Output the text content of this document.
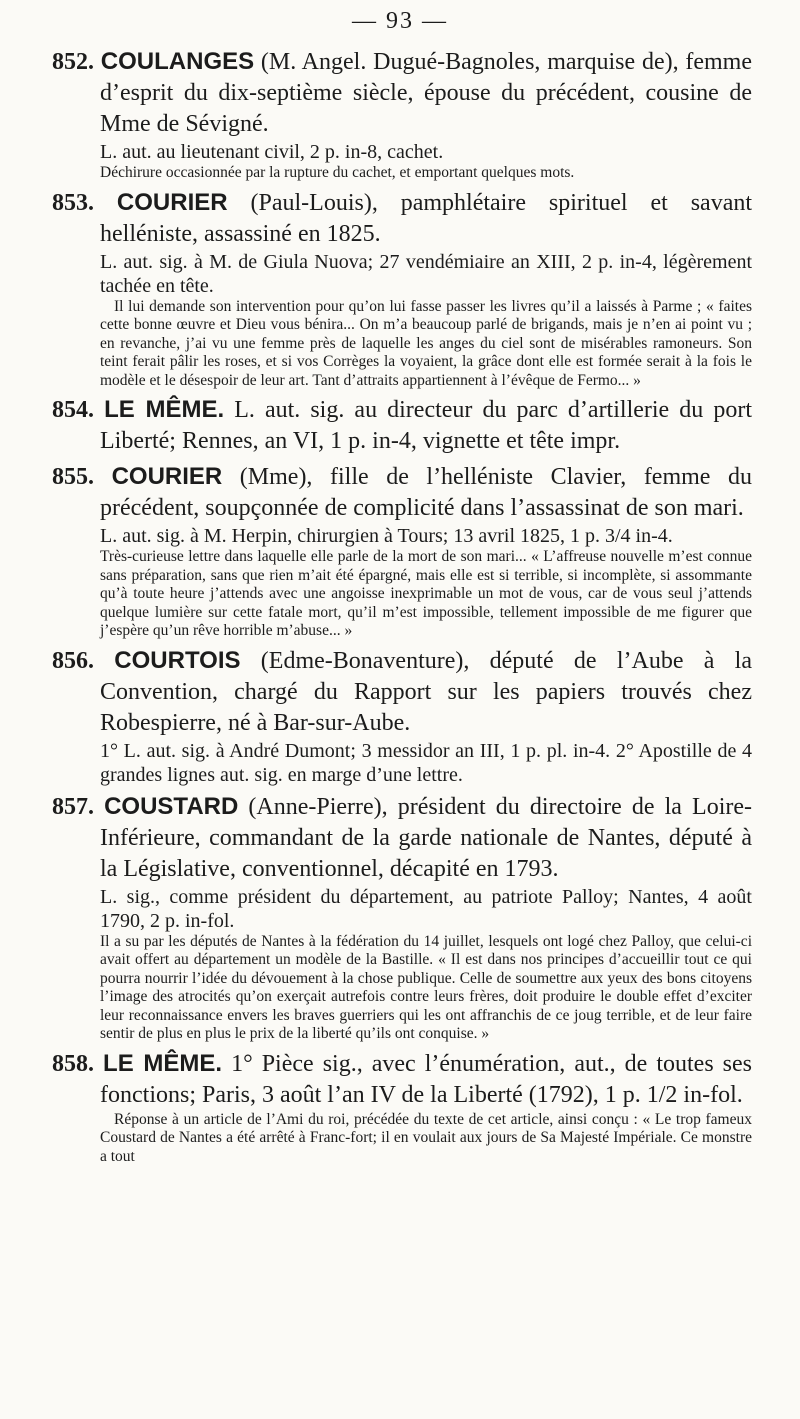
— 93 —
852. COULANGES (M. Angel. Dugué-Bagnoles, marquise de), femme d’esprit du dix-septième siècle, épouse du précédent, cousine de Mme de Sévigné.
L. aut. au lieutenant civil, 2 p. in-8, cachet.
Déchirure occasionnée par la rupture du cachet, et emportant quelques mots.
853. COURIER (Paul-Louis), pamphlétaire spirituel et savant helléniste, assassiné en 1825.
L. aut. sig. à M. de Giula Nuova; 27 vendémiaire an XIII, 2 p. in-4, légèrement tachée en tête.
Il lui demande son intervention pour qu’on lui fasse passer les livres qu’il a laissés à Parme ; « faites cette bonne œuvre et Dieu vous bénira... On m’a beaucoup parlé de brigands, mais je n’en ai point vu ; en revanche, j’ai vu une femme près de laquelle les anges du ciel sont de misérables ramoneurs. Son teint ferait pâlir les roses, et si vos Corrèges la voyaient, la grâce dont elle est formée serait à la fois le modèle et le désespoir de leur art. Tant d’attraits appartiennent à l’évêque de Fermo... »
854. LE MÊME. L. aut. sig. au directeur du parc d’artillerie du port Liberté; Rennes, an VI, 1 p. in-4, vignette et tête impr.
855. COURIER (Mme), fille de l’helléniste Clavier, femme du précédent, soupçonnée de complicité dans l’assassinat de son mari.
L. aut. sig. à M. Herpin, chirurgien à Tours; 13 avril 1825, 1 p. 3/4 in-4.
Très-curieuse lettre dans laquelle elle parle de la mort de son mari... « L’affreuse nouvelle m’est connue sans préparation, sans que rien m’ait été épargné, mais elle est si terrible, si incomplète, si assommante qu’à toute heure j’attends avec une angoisse inexprimable un mot de vous, car de vous seul j’attends quelque lumière sur cette fatale mort, qu’il m’est impossible, tellement impossible de me figurer que j’espère qu’un rêve horrible m’abuse... »
856. COURTOIS (Edme-Bonaventure), député de l’Aube à la Convention, chargé du Rapport sur les papiers trouvés chez Robespierre, né à Bar-sur-Aube.
1° L. aut. sig. à André Dumont; 3 messidor an III, 1 p. pl. in-4. 2° Apostille de 4 grandes lignes aut. sig. en marge d’une lettre.
857. COUSTARD (Anne-Pierre), président du directoire de la Loire-Inférieure, commandant de la garde nationale de Nantes, député à la Législative, conventionnel, décapité en 1793.
L. sig., comme président du département, au patriote Palloy; Nantes, 4 août 1790, 2 p. in-fol.
Il a su par les députés de Nantes à la fédération du 14 juillet, lesquels ont logé chez Palloy, que celui-ci avait offert au département un modèle de la Bastille. « Il est dans nos principes d’accueillir tout ce qui pourra nourrir l’idée du dévouement à la chose publique. Celle de soumettre aux yeux des bons citoyens l’image des atrocités qu’on exerçait autrefois contre leurs frères, doit produire le double effet d’exciter leur reconnaissance envers les braves guerriers qui les ont affranchis de ce joug terrible, et de leur faire sentir de plus en plus le prix de la liberté qu’ils ont conquise. »
858. LE MÊME. 1° Pièce sig., avec l’énumération, aut., de toutes ses fonctions; Paris, 3 août l’an IV de la Liberté (1792), 1 p. 1/2 in-fol.
Réponse à un article de l’Ami du roi, précédée du texte de cet article, ainsi conçu : « Le trop fameux Coustard de Nantes a été arrêté à Franc-fort; il en voulait aux jours de Sa Majesté Impériale. Ce monstre a tout
